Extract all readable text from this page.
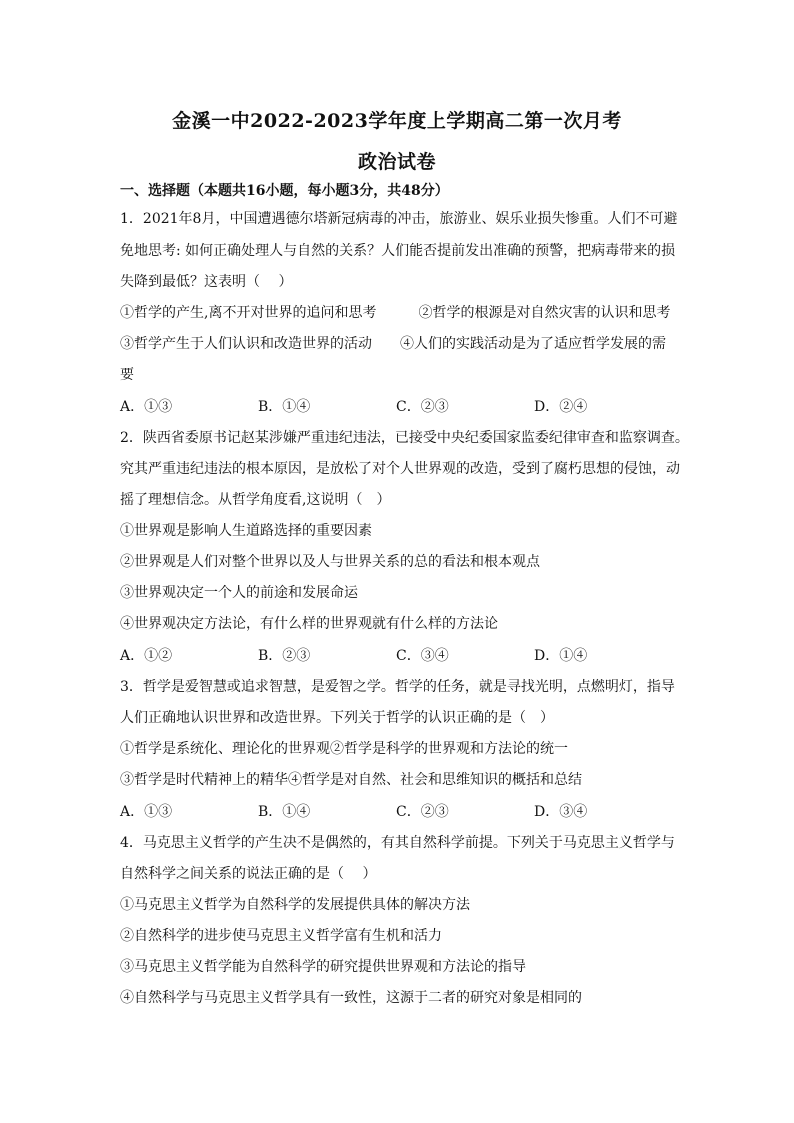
金溪一中2022-2023学年度上学期高二第一次月考
政治试卷
一、选择题（本题共16小题，每小题3分，共48分）
1．2021年8月，中国遭遇德尔塔新冠病毒的冲击，旅游业、娱乐业损失惨重。人们不可避
免地思考: 如何正确处理人与自然的关系？人们能否提前发出准确的预警，把病毒带来的损
失降到最低？这表明（　 ）
①哲学的产生,离不开对世界的追问和思考　　　②哲学的根源是对自然灾害的认识和思考
③哲学产生于人们认识和改造世界的活动　　④人们的实践活动是为了适应哲学发展的需
要
A．①③	B．①④	C．②③	D．②④
2．陕西省委原书记赵某涉嫌严重违纪违法，已接受中央纪委国家监委纪律审查和监察调查。
究其严重违纪违法的根本原因，是放松了对个人世界观的改造，受到了腐朽思想的侵蚀，动
摇了理想信念。从哲学角度看,这说明（　）
①世界观是影响人生道路选择的重要因素
②世界观是人们对整个世界以及人与世界关系的总的看法和根本观点
③世界观决定一个人的前途和发展命运
④世界观决定方法论，有什么样的世界观就有什么样的方法论
A．①②	B．②③	C．③④	D．①④
3．哲学是爱智慧或追求智慧，是爱智之学。哲学的任务，就是寻找光明，点燃明灯，指导
人们正确地认识世界和改造世界。下列关于哲学的认识正确的是（　）
①哲学是系统化、理论化的世界观②哲学是科学的世界观和方法论的统一
③哲学是时代精神上的精华④哲学是对自然、社会和思维知识的概括和总结
A．①③	B．①④	C．②③	D．③④
4．马克思主义哲学的产生决不是偶然的，有其自然科学前提。下列关于马克思主义哲学与
自然科学之间关系的说法正确的是（　 ）
①马克思主义哲学为自然科学的发展提供具体的解决方法
②自然科学的进步使马克思主义哲学富有生机和活力
③马克思主义哲学能为自然科学的研究提供世界观和方法论的指导
④自然科学与马克思主义哲学具有一致性，这源于二者的研究对象是相同的
